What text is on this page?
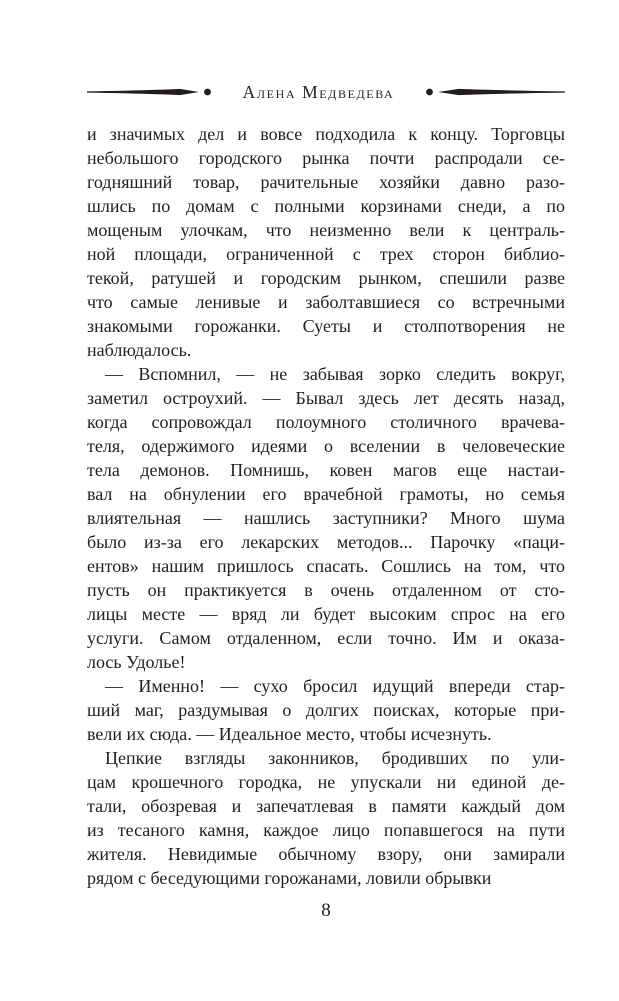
Алена Медведева
и значимых дел и вовсе подходила к концу. Торговцы
небольшого городского рынка почти распродали се-
годняшний товар, рачительные хозяйки давно разо-
шлись по домам с полными корзинами снеди, а по
мощеным улочкам, что неизменно вели к централь-
ной площади, ограниченной с трех сторон библио-
текой, ратушей и городским рынком, спешили разве
что самые ленивые и заболтавшиеся со встречными
знакомыми горожанки. Суеты и столпотворения не
наблюдалось.
— Вспомнил, — не забывая зорко следить вокруг,
заметил остроухий. — Бывал здесь лет десять назад,
когда сопровождал полоумного столичного врачева-
теля, одержимого идеями о вселении в человеческие
тела демонов. Помнишь, ковен магов еще настаи-
вал на обнулении его врачебной грамоты, но семья
влиятельная — нашлись заступники? Много шума
было из-за его лекарских методов... Парочку «паци-
ентов» нашим пришлось спасать. Сошлись на том, что
пусть он практикуется в очень отдаленном от сто-
лицы месте — вряд ли будет высоким спрос на его
услуги. Самом отдаленном, если точно. Им и оказа-
лось Удолье!
— Именно! — сухо бросил идущий впереди стар-
ший маг, раздумывая о долгих поисках, которые при-
вели их сюда. — Идеальное место, чтобы исчезнуть.
Цепкие взгляды законников, бродивших по ули-
цам крошечного городка, не упускали ни единой де-
тали, обозревая и запечатлевая в памяти каждый дом
из тесаного камня, каждое лицо попавшегося на пути
жителя. Невидимые обычному взору, они замирали
рядом с беседующими горожанами, ловили обрывки
8
